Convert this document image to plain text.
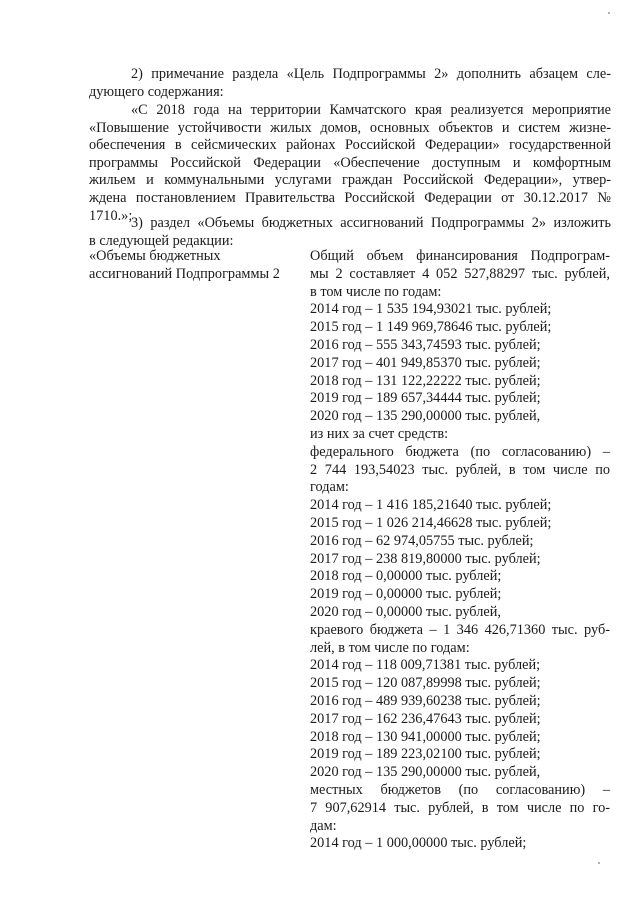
2) примечание раздела «Цель Подпрограммы 2» дополнить абзацем сле-
дующего содержания:
«С 2018 года на территории Камчатского края реализуется мероприятие
«Повышение устойчивости жилых домов, основных объектов и систем жизне-
обеспечения в сейсмических районах Российской Федерации» государственной
программы Российской Федерации «Обеспечение доступным и комфортным
жильем и коммунальными услугами граждан Российской Федерации», утвер-
ждена постановлением Правительства Российской Федерации от 30.12.2017 №
1710.»;
3) раздел «Объемы бюджетных ассигнований Подпрограммы 2» изложить
в следующей редакции:
«Объемы бюджетных
ассигнований Подпрограммы 2
Общий объем финансирования Подпрограм-
мы 2 составляет 4 052 527,88297 тыс. рублей,
в том числе по годам:
2014 год – 1 535 194,93021 тыс. рублей;
2015 год – 1 149 969,78646 тыс. рублей;
2016 год – 555 343,74593 тыс. рублей;
2017 год – 401 949,85370 тыс. рублей;
2018 год – 131 122,22222 тыс. рублей;
2019 год – 189 657,34444 тыс. рублей;
2020 год – 135 290,00000 тыс. рублей,
из них за счет средств:
федерального бюджета (по согласованию) –
2 744 193,54023 тыс. рублей, в том числе по
годам:
2014 год – 1 416 185,21640 тыс. рублей;
2015 год – 1 026 214,46628 тыс. рублей;
2016 год – 62 974,05755 тыс. рублей;
2017 год – 238 819,80000 тыс. рублей;
2018 год – 0,00000 тыс. рублей;
2019 год – 0,00000 тыс. рублей;
2020 год – 0,00000 тыс. рублей,
краевого бюджета – 1 346 426,71360 тыс. руб-
лей, в том числе по годам:
2014 год – 118 009,71381 тыс. рублей;
2015 год – 120 087,89998 тыс. рублей;
2016 год – 489 939,60238 тыс. рублей;
2017 год – 162 236,47643 тыс. рублей;
2018 год – 130 941,00000 тыс. рублей;
2019 год – 189 223,02100 тыс. рублей;
2020 год – 135 290,00000 тыс. рублей,
местных бюджетов (по согласованию) –
7 907,62914 тыс. рублей, в том числе по го-
дам:
2014 год – 1 000,00000 тыс. рублей;
